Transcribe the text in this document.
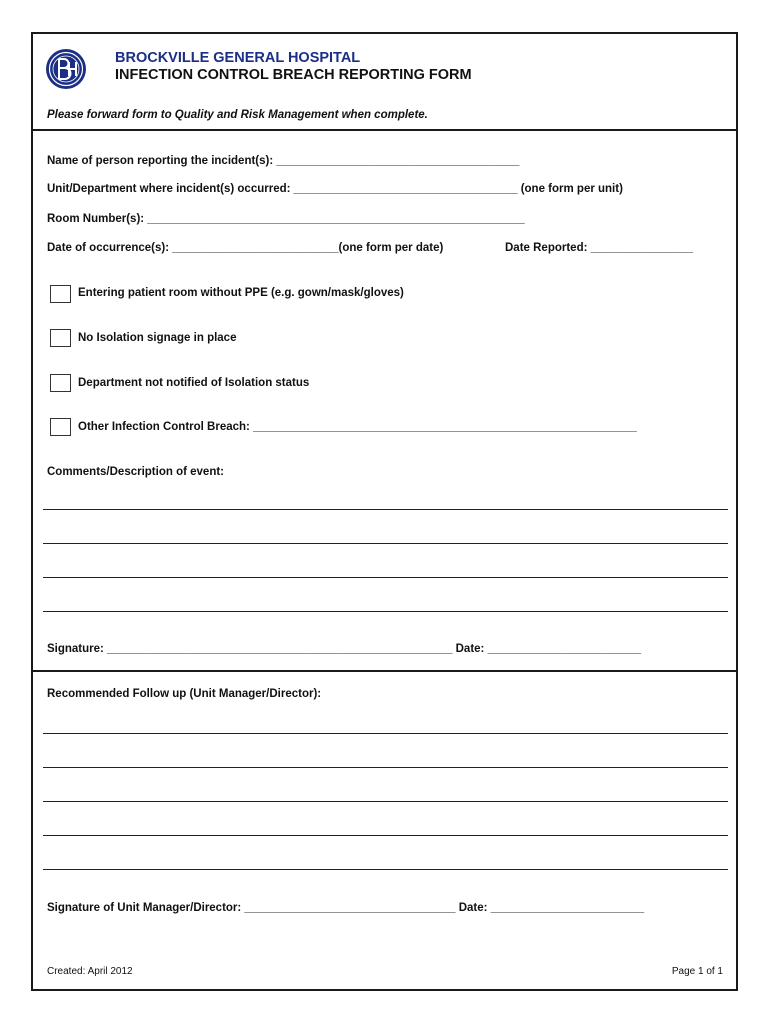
BROCKVILLE GENERAL HOSPITAL
INFECTION CONTROL BREACH REPORTING FORM
Please forward form to Quality and Risk Management when complete.
Name of person reporting the incident(s): ______________________________________
Unit/Department where incident(s) occurred: ___________________________________ (one form per unit)
Room Number(s): ___________________________________________________________
Date of occurrence(s): __________________________(one form per date)	Date Reported: ________________
Entering patient room without PPE (e.g. gown/mask/gloves)
No Isolation signage in place
Department not notified of Isolation status
Other Infection Control Breach: ____________________________________________________________
Comments/Description of event:
Signature: ______________________________________________________ Date: ________________________
Recommended Follow up (Unit Manager/Director):
Signature of Unit Manager/Director: _________________________________ Date: ________________________
Created: April 2012	Page 1 of 1
